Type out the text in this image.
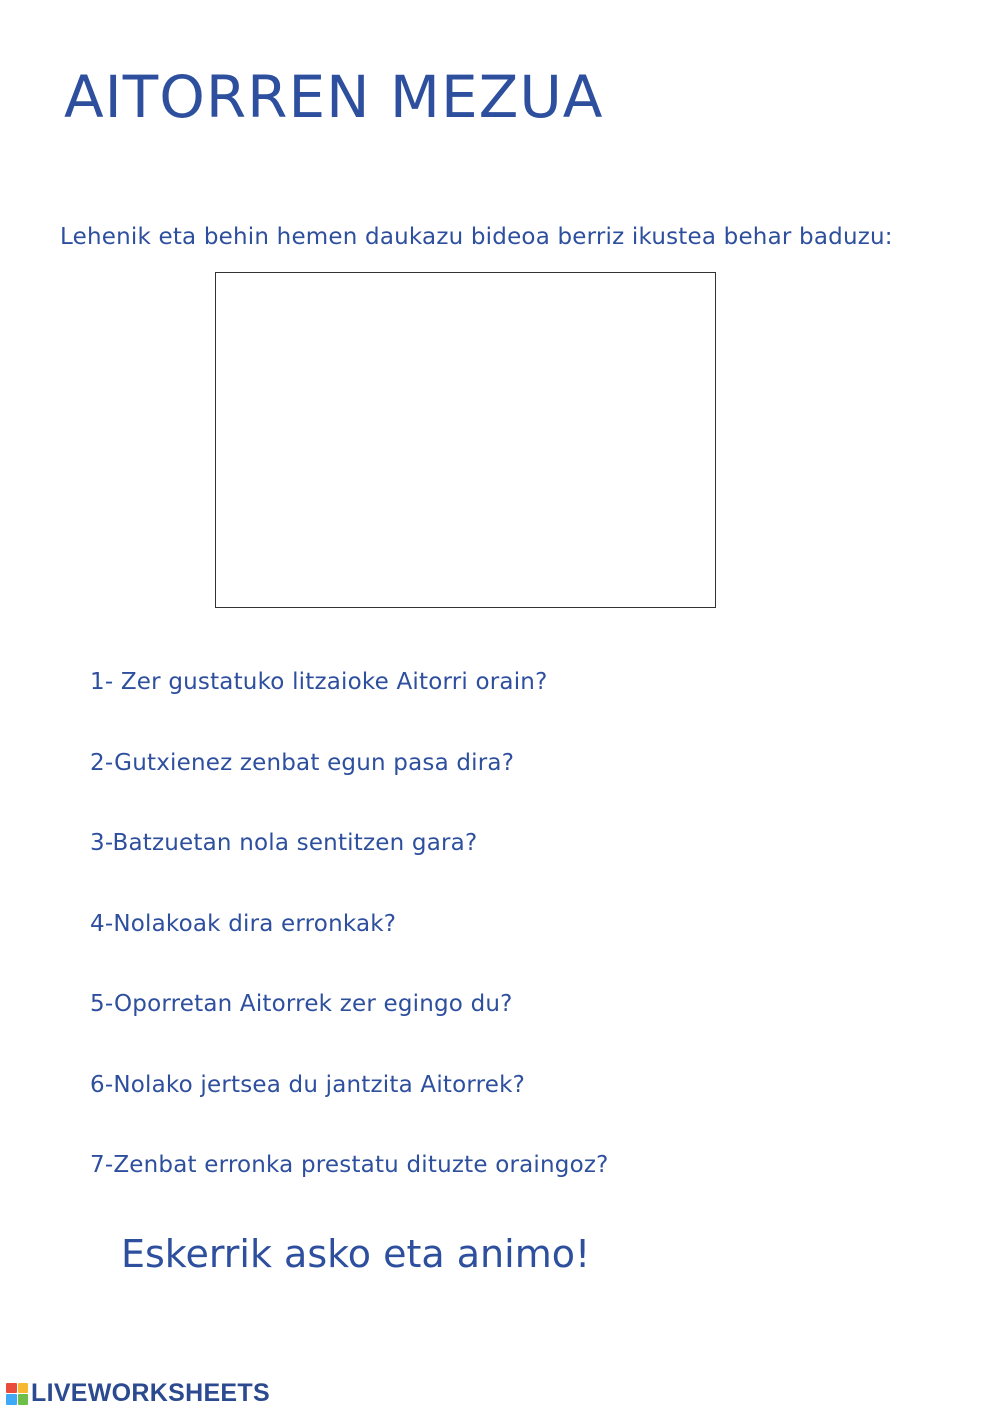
AITORREN MEZUA
Lehenik eta behin hemen daukazu bideoa berriz ikustea behar baduzu:
1- Zer gustatuko litzaioke Aitorri orain?
2-Gutxienez zenbat egun pasa dira?
3-Batzuetan nola sentitzen gara?
4-Nolakoak dira erronkak?
5-Oporretan Aitorrek zer egingo du?
6-Nolako jertsea du jantzita Aitorrek?
7-Zenbat erronka prestatu dituzte oraingoz?
Eskerrik asko eta animo!
LIVEWORKSHEETS
